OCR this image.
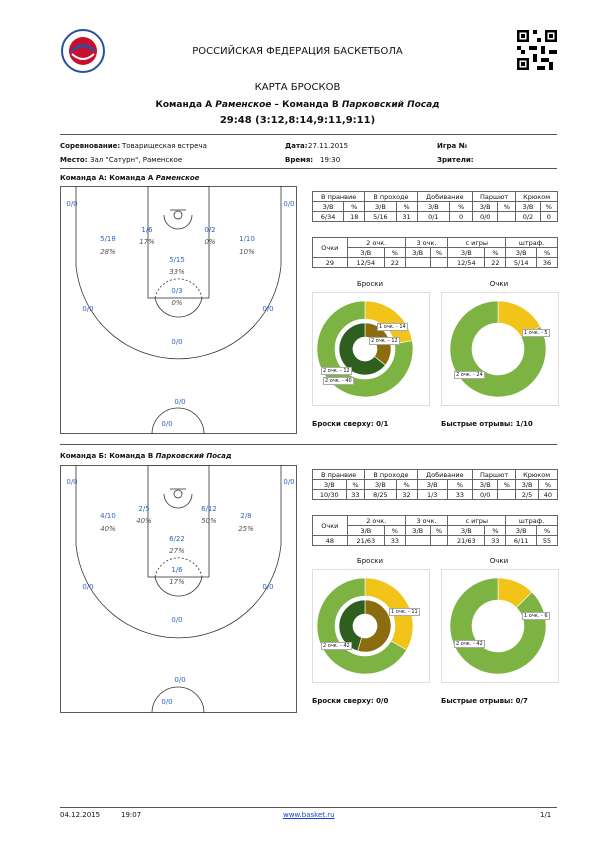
РОССИЙСКАЯ ФЕДЕРАЦИЯ БАСКЕТБОЛА
КАРТА БРОСКОВ
Команда А Раменское – Команда В Парковский Посад
29:48 (3:12,8:14,9:11,9:11)
Соревнование: Товарищеская встреча	Дата: 27.11.2015	Игра №
Место: Зал "Сатурн", Раменское	Время: 19:30	Зрители:
Команда А: Команда А Раменское
0/0	0/0
1/6
17%
0/2
0%
5/18
28%
1/10
10%
5/15
33%
0/3
0%
0/0	0/0
0/0
0/0
0/0
В пранвие		В проходе		Добивание		Паршют		Крюком	
З/В	%	З/В	%	З/В	%	З/В	%	З/В	%
6/34	18	5/16	31	0/1	0	0/0		0/2	0
Очки	2 очк.		3 очк.		с игры		штраф.	
	З/В	%	З/В	%	З/В	%	З/В	%
29	12/54	22			12/54	22	5/14	36
Броски	Очки
1 очк. - 14
2 очк. - 12
2 очк. - 12
2 очк. - 40
1 очк. - 5
2 очк. - 24
Броски сверху: 0/1	Быстрые отрывы: 1/10
Команда Б: Команда В Парковский Посад
0/0	0/0
2/5
40%
6/12
50%
4/10
40%
2/8
25%
6/22
27%
1/6
17%
0/0	0/0
0/0
0/0
0/0
В пранвие		В проходе		Добивание		Паршют		Крюком	
З/В	%	З/В	%	З/В	%	З/В	%	З/В	%
10/30	33	8/25	32	1/3	33	0/0		2/5	40
Очки	2 очк.		3 очк.		с игры		штраф.	
	З/В	%	З/В	%	З/В	%	З/В	%
48	21/63	33			21/63	33	6/11	55
Броски	Очки
1 очк. - 11
2 очк. - 42
1 очк. - 6
2 очк. - 42
Броски сверху: 0/0	Быстрые отрывы: 0/7
04.12.2015	19:07	www.basket.ru	1/1
